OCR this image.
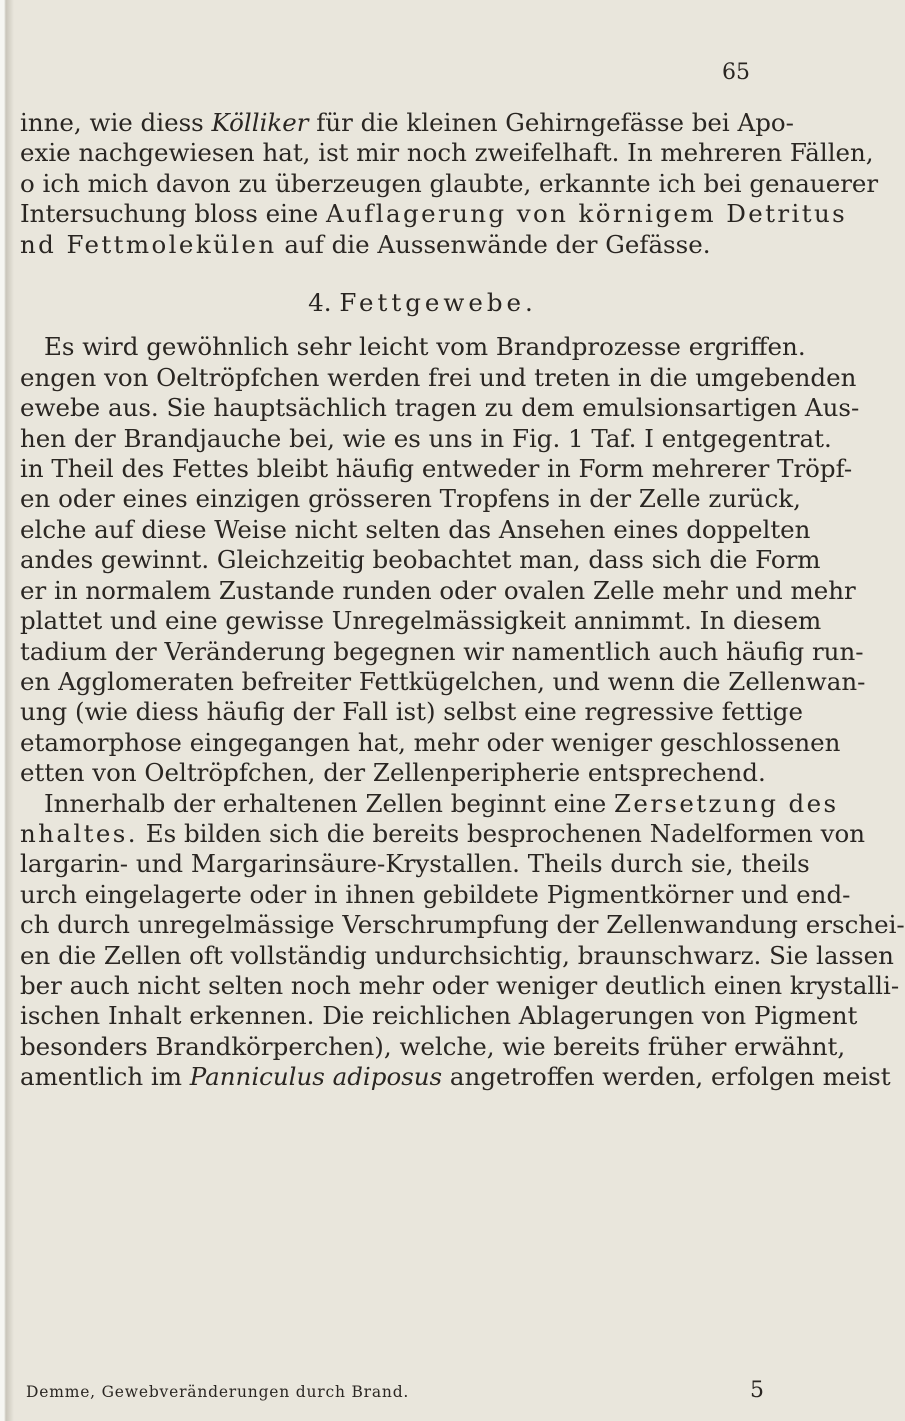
65
inne, wie diess Kölliker für die kleinen Gehirngefässe bei Apo-
exie nachgewiesen hat, ist mir noch zweifelhaft. In mehreren Fällen,
o ich mich davon zu überzeugen glaubte, erkannte ich bei genauerer
Intersuchung bloss eine Auflagerung von körnigem Detritus
nd Fettmolekülen auf die Aussenwände der Gefässe.
4. Fettgewebe.
Es wird gewöhnlich sehr leicht vom Brandprozesse ergriffen.
engen von Oeltröpfchen werden frei und treten in die umgebenden
ewebe aus. Sie hauptsächlich tragen zu dem emulsionsartigen Aus-
hen der Brandjauche bei, wie es uns in Fig. 1 Taf. I entgegentrat.
in Theil des Fettes bleibt häufig entweder in Form mehrerer Tröpf-
en oder eines einzigen grösseren Tropfens in der Zelle zurück,
elche auf diese Weise nicht selten das Ansehen eines doppelten
andes gewinnt. Gleichzeitig beobachtet man, dass sich die Form
er in normalem Zustande runden oder ovalen Zelle mehr und mehr
plattet und eine gewisse Unregelmässigkeit annimmt. In diesem
tadium der Veränderung begegnen wir namentlich auch häufig run-
en Agglomeraten befreiter Fettkügelchen, und wenn die Zellenwan-
ung (wie diess häufig der Fall ist) selbst eine regressive fettige
etamorphose eingegangen hat, mehr oder weniger geschlossenen
etten von Oeltröpfchen, der Zellenperipherie entsprechend.
Innerhalb der erhaltenen Zellen beginnt eine Zersetzung des
nhaltes. Es bilden sich die bereits besprochenen Nadelformen von
largarin- und Margarinsäure-Krystallen. Theils durch sie, theils
urch eingelagerte oder in ihnen gebildete Pigmentkörner und end-
ch durch unregelmässige Verschrumpfung der Zellenwandung erschei-
en die Zellen oft vollständig undurchsichtig, braunschwarz. Sie lassen
ber auch nicht selten noch mehr oder weniger deutlich einen krystalli-
ischen Inhalt erkennen. Die reichlichen Ablagerungen von Pigment
besonders Brandkörperchen), welche, wie bereits früher erwähnt,
amentlich im Panniculus adiposus angetroffen werden, erfolgen meist
Demme, Gewebveränderungen durch Brand.	5
